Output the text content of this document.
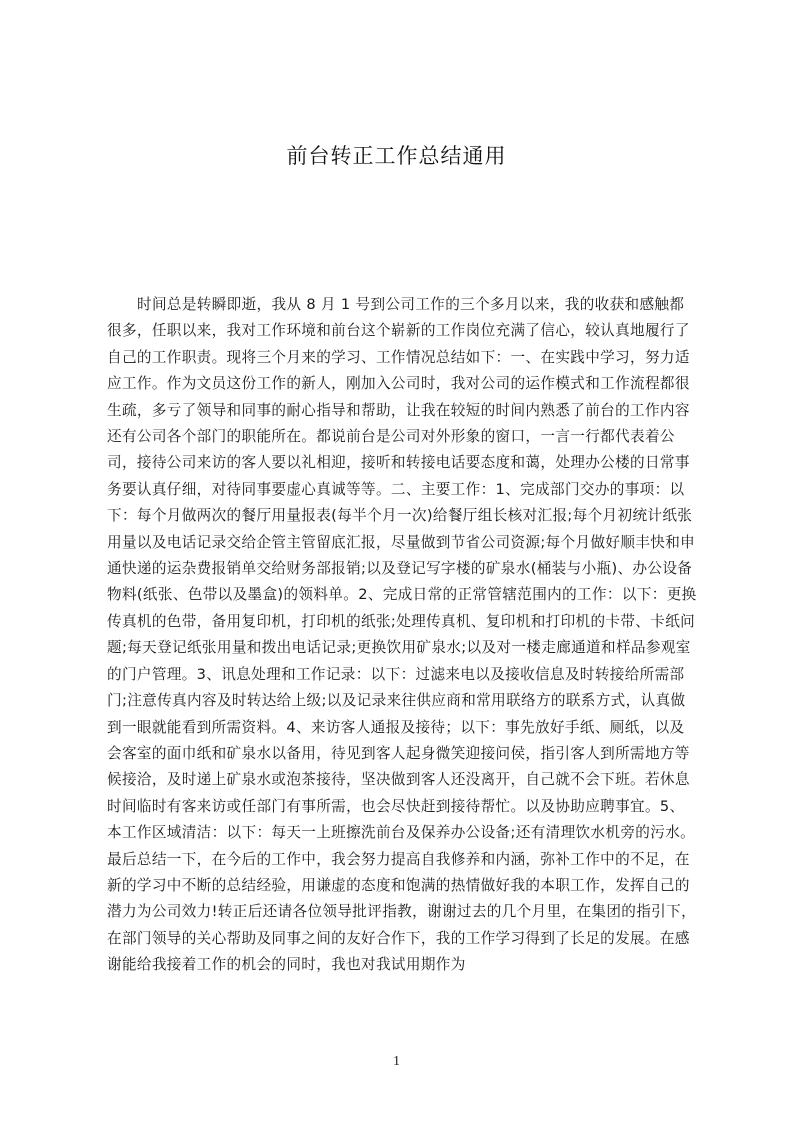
前台转正工作总结通用

时间总是转瞬即逝，我从 8 月 1 号到公司工作的三个多月以来，我的收获和感触都很多，任职以来，我对工作环境和前台这个崭新的工作岗位充满了信心，较认真地履行了自己的工作职责。现将三个月来的学习、工作情况总结如下：一、在实践中学习，努力适应工作。作为文员这份工作的新人，刚加入公司时，我对公司的运作模式和工作流程都很生疏，多亏了领导和同事的耐心指导和帮助，让我在较短的时间内熟悉了前台的工作内容还有公司各个部门的职能所在。都说前台是公司对外形象的窗口，一言一行都代表着公司，接待公司来访的客人要以礼相迎，接听和转接电话要态度和蔼，处理办公楼的日常事务要认真仔细，对待同事要虚心真诚等等。二、主要工作：1、完成部门交办的事项：以下：每个月做两次的餐厅用量报表(每半个月一次)给餐厅组长核对汇报;每个月初统计纸张用量以及电话记录交给企管主管留底汇报，尽量做到节省公司资源;每个月做好顺丰快和申通快递的运杂费报销单交给财务部报销;以及登记写字楼的矿泉水(桶装与小瓶)、办公设备物料(纸张、色带以及墨盒)的领料单。2、完成日常的正常管辖范围内的工作：以下：更换传真机的色带，备用复印机，打印机的纸张;处理传真机、复印机和打印机的卡带、卡纸问题;每天登记纸张用量和拨出电话记录;更换饮用矿泉水;以及对一楼走廊通道和样品参观室的门户管理。3、讯息处理和工作记录：以下：过滤来电以及接收信息及时转接给所需部门;注意传真内容及时转达给上级;以及记录来往供应商和常用联络方的联系方式，认真做到一眼就能看到所需资料。4、来访客人通报及接待；以下：事先放好手纸、厕纸，以及会客室的面巾纸和矿泉水以备用，待见到客人起身微笑迎接问侯，指引客人到所需地方等候接洽，及时递上矿泉水或泡茶接待，坚决做到客人还没离开，自己就不会下班。若休息时间临时有客来访或任部门有事所需，也会尽快赶到接待帮忙。以及协助应聘事宜。5、本工作区域清洁：以下：每天一上班擦洗前台及保养办公设备;还有清理饮水机旁的污水。最后总结一下，在今后的工作中，我会努力提高自我修养和内涵，弥补工作中的不足，在新的学习中不断的总结经验，用谦虚的态度和饱满的热情做好我的本职工作，发挥自己的潜力为公司效力!转正后还请各位领导批评指教，谢谢过去的几个月里，在集团的指引下，在部门领导的关心帮助及同事之间的友好合作下，我的工作学习得到了长足的发展。在感谢能给我接着工作的机会的同时，我也对我试用期作为

1
